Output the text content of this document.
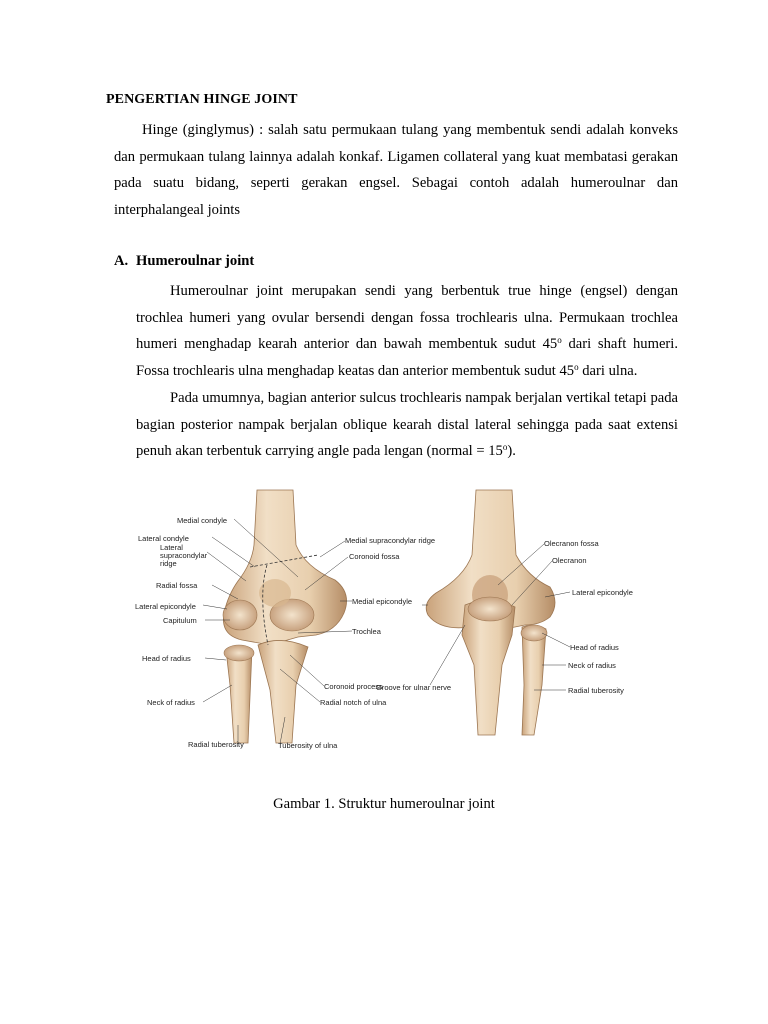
PENGERTIAN HINGE JOINT
Hinge (ginglymus) : salah satu permukaan tulang yang membentuk sendi adalah konveks dan permukaan tulang lainnya adalah konkaf. Ligamen collateral yang kuat membatasi gerakan pada suatu bidang, seperti gerakan engsel. Sebagai contoh adalah humeroulnar dan interphalangeal joints
A. Humeroulnar joint
Humeroulnar joint merupakan sendi yang berbentuk true hinge (engsel) dengan trochlea humeri yang ovular bersendi dengan fossa trochlearis ulna. Permukaan trochlea humeri menghadap kearah anterior dan bawah membentuk sudut 45$^o$ dari shaft humeri. Fossa trochlearis ulna menghadap keatas dan anterior membentuk sudut 45$^o$ dari ulna.
Pada umumnya, bagian anterior sulcus trochlearis nampak berjalan vertikal tetapi pada bagian posterior nampak berjalan oblique kearah distal lateral sehingga pada saat extensi penuh akan terbentuk carrying angle pada lengan (normal = $15^o$).
Medial condyle
Lateral condyle
Lateral
supracondylar
ridge
Radial fossa
Lateral epicondyle
Capitulum
Head of radius
Neck of radius
Radial tuberosity	Tuberosity of ulna
Radial notch of ulna
Coronoid process
Trochlea
Medial epicondyle
Coronoid fossa
Medial supracondylar ridge	Olecranon fossa
Olecranon
Lateral epicondyle
Head of radius
Neck of radius
Radial tuberosity
Groove for ulnar nerve
Gambar 1. Struktur humeroulnar joint
